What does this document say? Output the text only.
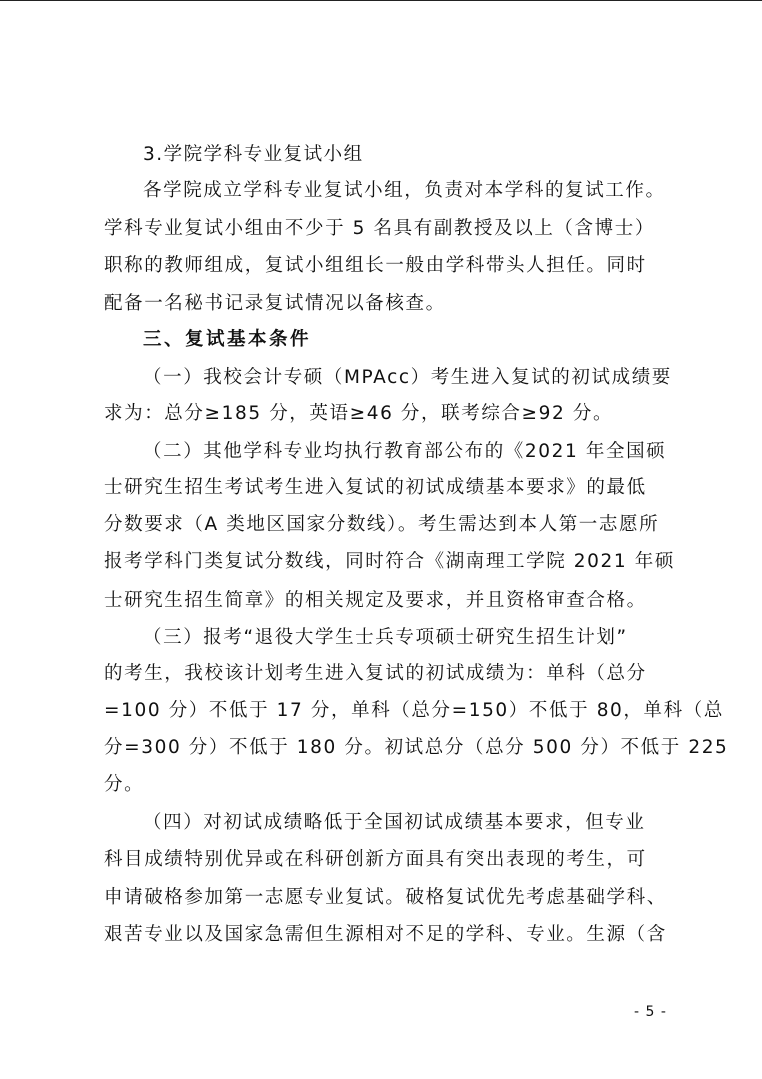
3.学院学科专业复试小组

各学院成立学科专业复试小组，负责对本学科的复试工作。

学科专业复试小组由不少于 5 名具有副教授及以上（含博士）

职称的教师组成，复试小组组长一般由学科带头人担任。同时

配备一名秘书记录复试情况以备核查。

三、复试基本条件

（一）我校会计专硕（MPAcc）考生进入复试的初试成绩要

求为：总分≥185 分，英语≥46 分，联考综合≥92 分。

（二）其他学科专业均执行教育部公布的《2021 年全国硕

士研究生招生考试考生进入复试的初试成绩基本要求》的最低

分数要求（A 类地区国家分数线）。考生需达到本人第一志愿所

报考学科门类复试分数线，同时符合《湖南理工学院 2021 年硕

士研究生招生简章》的相关规定及要求，并且资格审查合格。

（三）报考“退役大学生士兵专项硕士研究生招生计划”

的考生，我校该计划考生进入复试的初试成绩为：单科（总分

=100 分）不低于 17 分，单科（总分=150）不低于 80，单科（总

分=300 分）不低于 180 分。初试总分（总分 500 分）不低于 225

分。

（四）对初试成绩略低于全国初试成绩基本要求，但专业

科目成绩特别优异或在科研创新方面具有突出表现的考生，可

申请破格参加第一志愿专业复试。破格复试优先考虑基础学科、

艰苦专业以及国家急需但生源相对不足的学科、专业。生源（含

- 5 -
